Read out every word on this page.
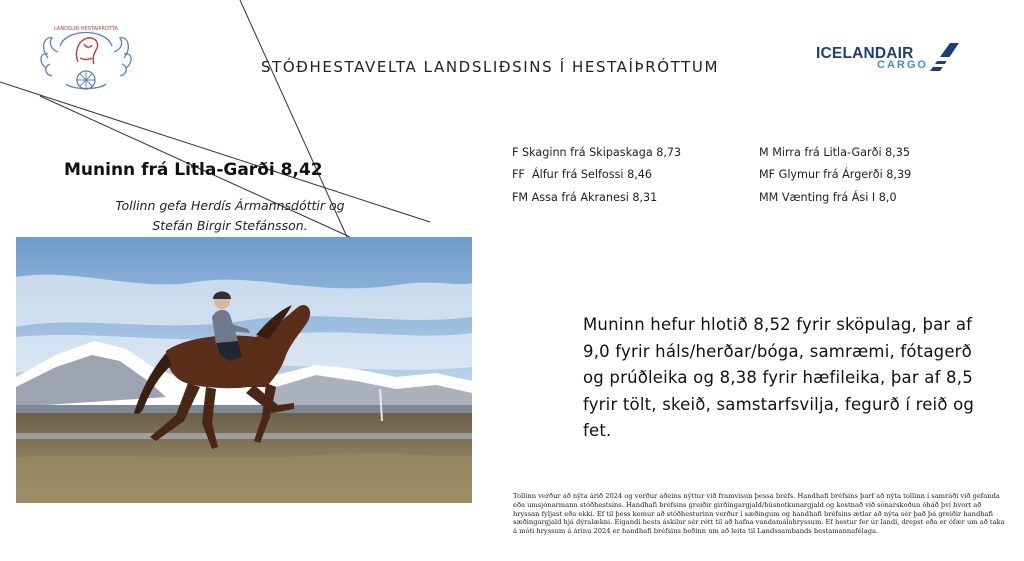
LANDSLIÐ HESTAÍÞRÓTTA
STÓÐHESTAVELTA LANDSLIÐSINS Í HESTAÍÞRÓTTUM
ICELANDAIR
CARGO
Muninn frá Litla-Garði 8,42
Tollinn gefa Herdís Ármannsdóttir og
Stefán Birgir Stefánsson.
F Skaginn frá Skipaskaga 8,73
FF  Álfur frá Selfossi 8,46
FM Assa frá Akranesi 8,31
M Mirra frá Litla-Garði 8,35
MF Glymur frá Árgerði 8,39
MM Vænting frá Ási I 8,0
Muninn hefur hlotið 8,52 fyrir sköpulag, þar af 9,0 fyrir háls/herðar/bóga, samræmi, fótagerð og prúðleika og 8,38 fyrir hæfileika, þar af 8,5 fyrir tölt, skeið, samstarfsvilja, fegurð í reið og fet.
Tollinn verður að nýta árið 2024 og verður aðeins nýttur við framvísun þessa bréfs. Handhafi bréfsins þarf að nýta tollinn í samráði við gefanda eða umsjónarmann stóðhestsins. Handhafi bréfsins greiðir girðingargjald/húsnotkunargjald og kostnað við sónarskoðun óháð því hvort að hryssan fyljast eða ekki. Ef til þess kemur að stóðhesturinn verður í sæðingum og handhafi bréfsins ætlar að nýta sér það þá greiðir handhafi sæðingargjald hjá dýralækni. Eigandi hests áskilur sér rétt til að hafna vandamálahryssum. Ef hestur fer úr landi, drepst eða er ófær um að taka á móti hryssum á árinu 2024 er handhafi bréfsins beðinn um að leita til Landssambands hestamannafélaga.
